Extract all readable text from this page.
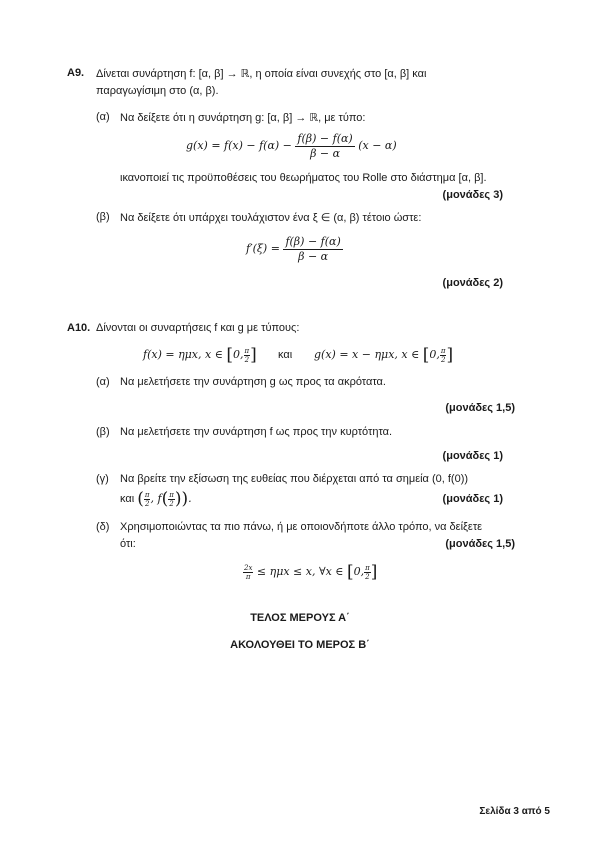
A9. Δίνεται συνάρτηση f: [α, β] → ℝ, η οποία είναι συνεχής στο [α, β] και
παραγωγίσιμη στο (α, β).
(α) Να δείξετε ότι η συνάρτηση g: [α, β] → ℝ, με τύπο:
$g(x) = f(x) - f(\alpha) - \frac{f(\beta) - f(\alpha)}{\beta - \alpha} (x - \alpha)$
ικανοποιεί τις προϋποθέσεις του θεωρήματος του Rolle στο διάστημα [α, β].
(μονάδες 3)
(β) Να δείξετε ότι υπάρχει τουλάχιστον ένα ξ ∈ (α, β) τέτοιο ώστε:
$f'(\xi) = \frac{f(\beta) - f(\alpha)}{\beta - \alpha}$
(μονάδες 2)
A10. Δίνονται οι συναρτήσεις f και g με τύπους:
f(x) = ημx, x ∈ [0, $\frac{\pi}{2}$ ] και g(x) = x − ημx, x ∈ [0, $\frac{\pi}{2}$ ]
(α) Να μελετήσετε την συνάρτηση g ως προς τα ακρότατα.
(μονάδες 1,5)
(β) Να μελετήσετε την συνάρτηση f ως προς την κυρτότητα.
(μονάδες 1)
(γ) Να βρείτε την εξίσωση της ευθείας που διέρχεται από τα σημεία (0, f(0))
και ( $\frac{\pi}{2}$ , $f( \frac{\pi}{2}$ )).	(μονάδες 1)
(δ) Χρησιμοποιώντας τα πιο πάνω, ή με οποιονδήποτε άλλο τρόπο, να δείξετε
ότι:	(μονάδες 1,5)
$\frac{2x}{\pi} \le \eta\mu x \le x$, ∀x ∈ [0, $\frac{\pi}{2}$ ]
ΤΕΛΟΣ ΜΕΡΟΥΣ Α΄
ΑΚΟΛΟΥΘΕΙ ΤΟ ΜΕΡΟΣ Β΄
Σελίδα 3 από 5
